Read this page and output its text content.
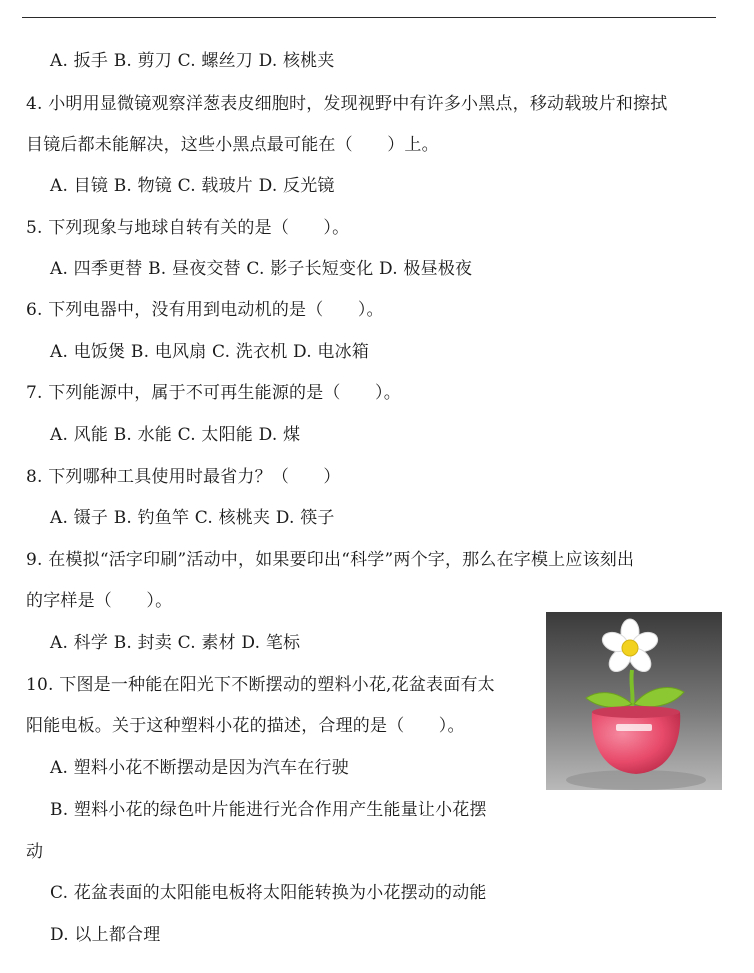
A. 扳手 B. 剪刀 C. 螺丝刀 D. 核桃夹
4. 小明用显微镜观察洋葱表皮细胞时，发现视野中有许多小黑点，移动载玻片和擦拭
目镜后都未能解决，这些小黑点最可能在（　　）上。
A. 目镜 B. 物镜 C. 载玻片 D. 反光镜
5. 下列现象与地球自转有关的是（　　）。
A. 四季更替 B. 昼夜交替 C. 影子长短变化 D. 极昼极夜
6. 下列电器中，没有用到电动机的是（　　）。
A. 电饭煲 B. 电风扇 C. 洗衣机 D. 电冰箱
7. 下列能源中，属于不可再生能源的是（　　）。
A. 风能 B. 水能 C. 太阳能 D. 煤
8. 下列哪种工具使用时最省力？（　　）
A. 镊子 B. 钓鱼竿 C. 核桃夹 D. 筷子
9. 在模拟“活字印刷”活动中，如果要印出“科学”两个字，那么在字模上应该刻出
的字样是（　　）。
A. 科学 B. 封卖 C. 素材 D. 笔标
10. 下图是一种能在阳光下不断摆动的塑料小花,花盆表面有太
阳能电板。关于这种塑料小花的描述，合理的是（　　）。
A. 塑料小花不断摆动是因为汽车在行驶
B. 塑料小花的绿色叶片能进行光合作用产生能量让小花摆
动
C. 花盆表面的太阳能电板将太阳能转换为小花摆动的动能
D. 以上都合理
